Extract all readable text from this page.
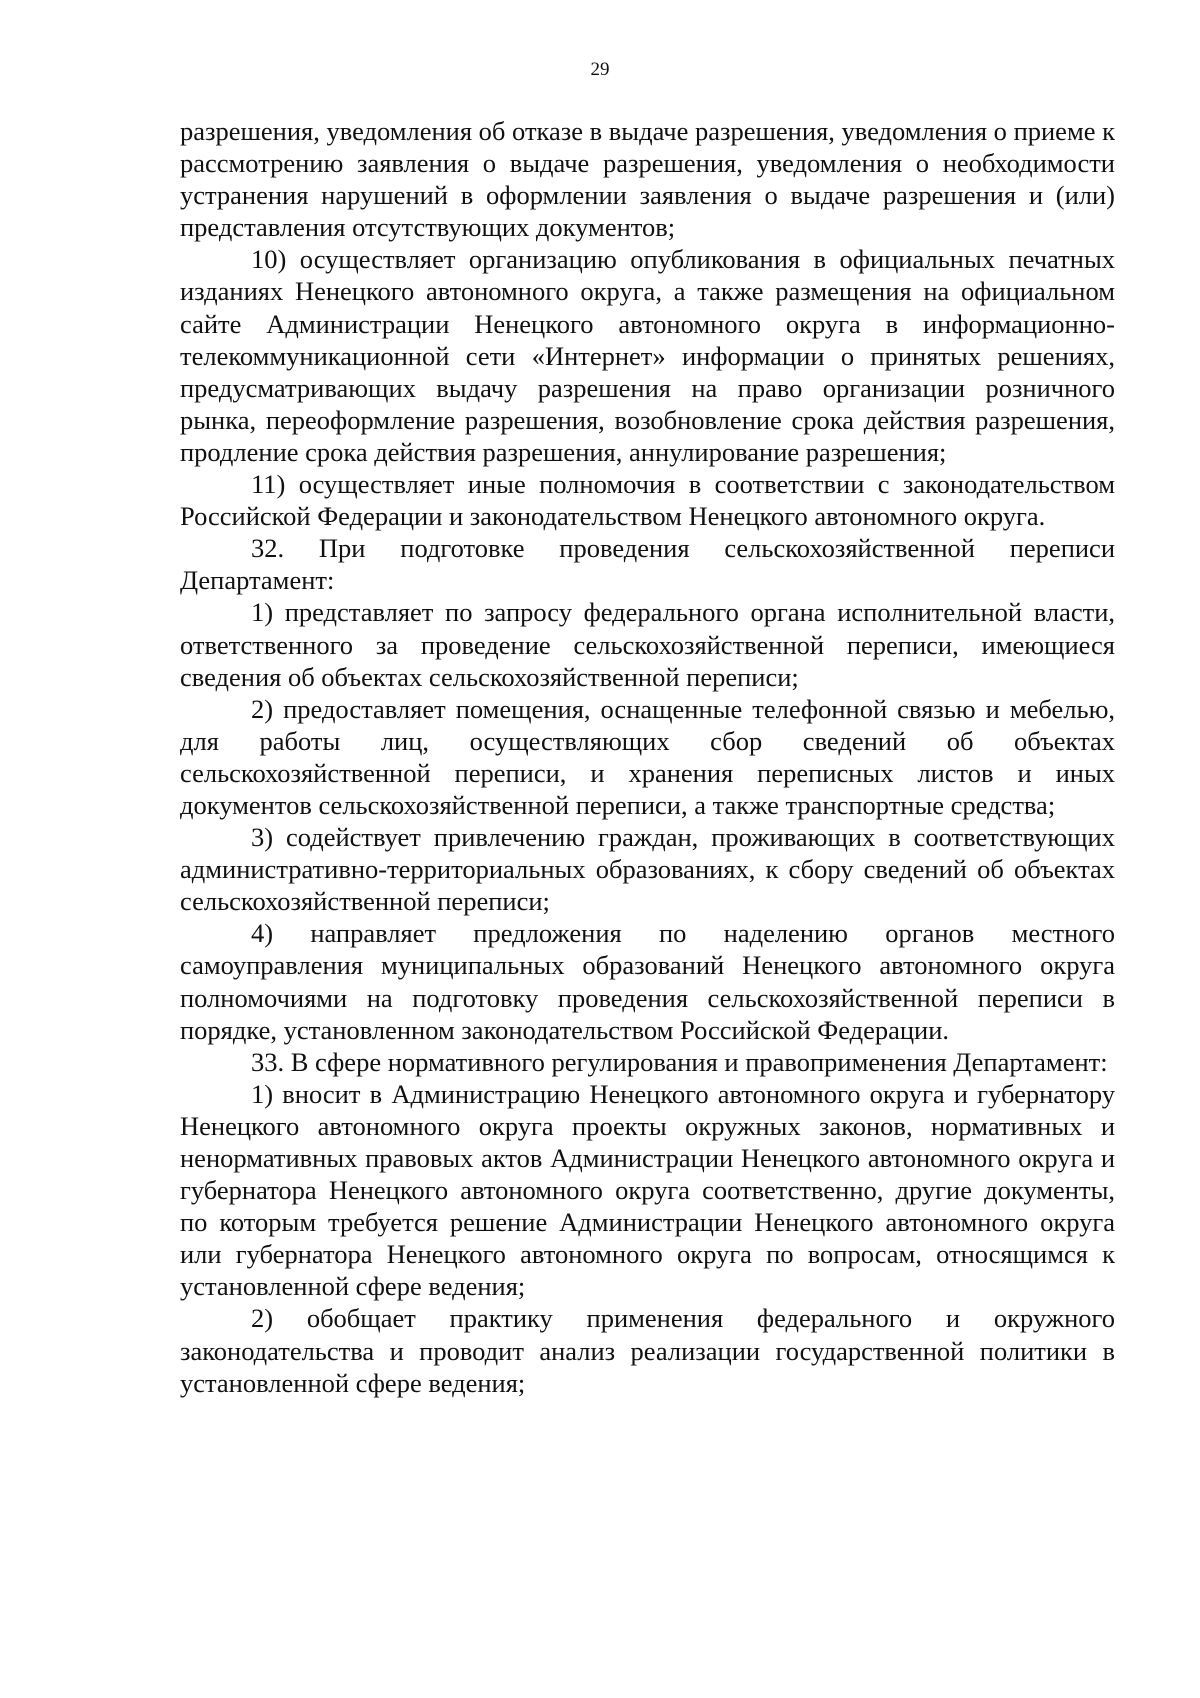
29

разрешения, уведомления об отказе в выдаче разрешения, уведомления о приеме к рассмотрению заявления о выдаче разрешения, уведомления о необходимости устранения нарушений в оформлении заявления о выдаче разрешения и (или) представления отсутствующих документов;

10) осуществляет организацию опубликования в официальных печатных изданиях Ненецкого автономного округа, а также размещения на официальном сайте Администрации Ненецкого автономного округа в информационно-телекоммуникационной сети «Интернет» информации о принятых решениях, предусматривающих выдачу разрешения на право организации розничного рынка, переоформление разрешения, возобновление срока действия разрешения, продление срока действия разрешения, аннулирование разрешения;

11) осуществляет иные полномочия в соответствии с законодательством Российской Федерации и законодательством Ненецкого автономного округа.

32. При подготовке проведения сельскохозяйственной переписи Департамент:

1) представляет по запросу федерального органа исполнительной власти, ответственного за проведение сельскохозяйственной переписи, имеющиеся сведения об объектах сельскохозяйственной переписи;

2) предоставляет помещения, оснащенные телефонной связью и мебелью, для работы лиц, осуществляющих сбор сведений об объектах сельскохозяйственной переписи, и хранения переписных листов и иных документов сельскохозяйственной переписи, а также транспортные средства;

3) содействует привлечению граждан, проживающих в соответствующих административно-территориальных образованиях, к сбору сведений об объектах сельскохозяйственной переписи;

4) направляет предложения по наделению органов местного самоуправления муниципальных образований Ненецкого автономного округа полномочиями на подготовку проведения сельскохозяйственной переписи в порядке, установленном законодательством Российской Федерации.

33. В сфере нормативного регулирования и правоприменения Департамент:

1) вносит в Администрацию Ненецкого автономного округа и губернатору Ненецкого автономного округа проекты окружных законов, нормативных и ненормативных правовых актов Администрации Ненецкого автономного округа и губернатора Ненецкого автономного округа соответственно, другие документы, по которым требуется решение Администрации Ненецкого автономного округа или губернатора Ненецкого автономного округа по вопросам, относящимся к установленной сфере ведения;

2) обобщает практику применения федерального и окружного законодательства и проводит анализ реализации государственной политики в установленной сфере ведения;
